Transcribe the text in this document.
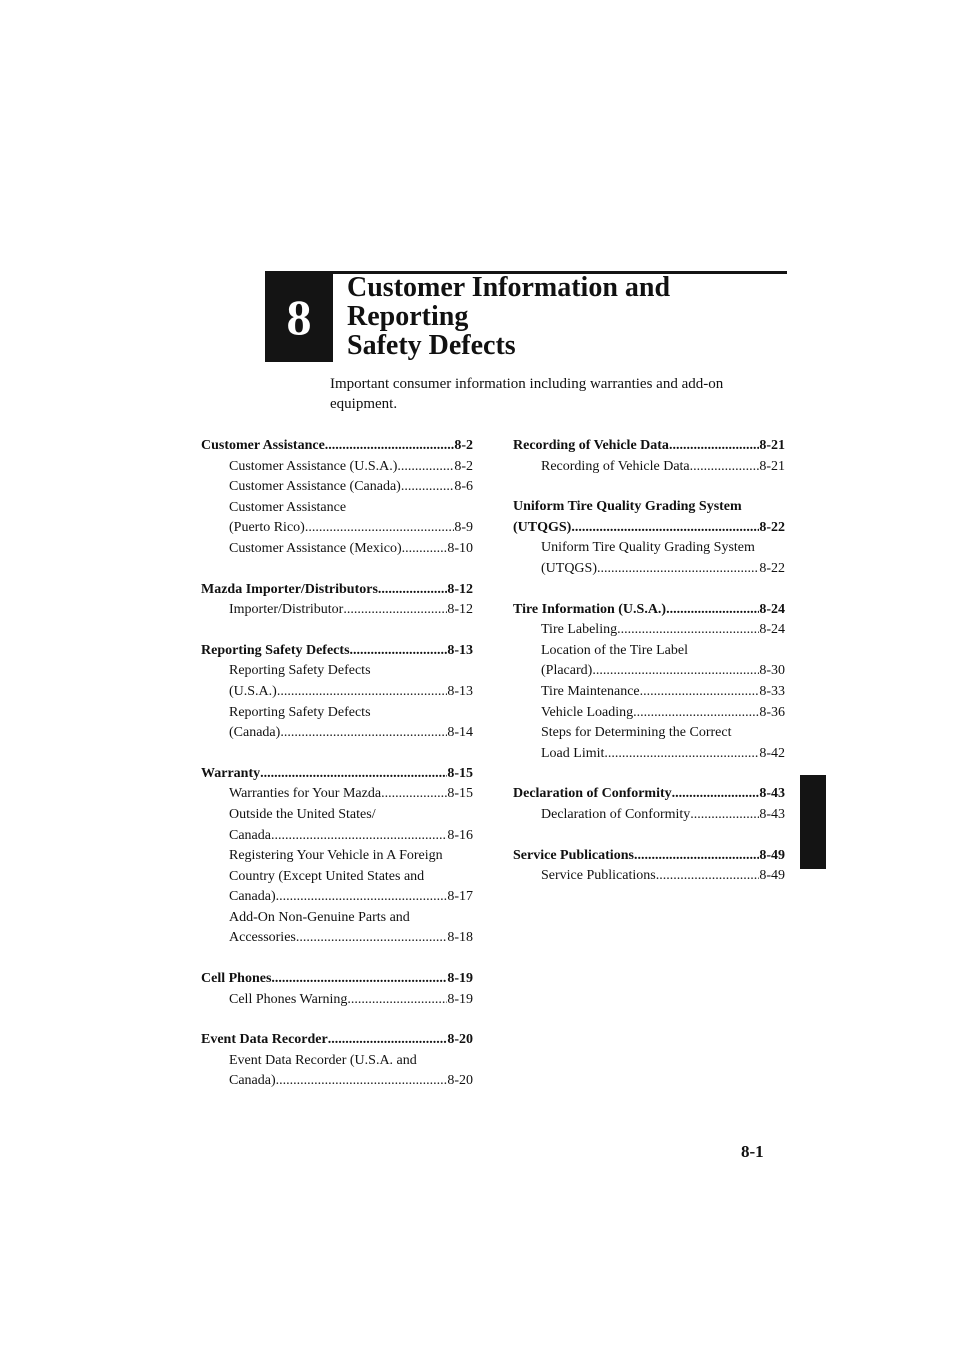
8
Customer Information and Reporting
Safety Defects
Important consumer information including warranties and add-on
equipment.
Customer Assistance .....	8-2
Customer Assistance (U.S.A.) .....	8-2
Customer Assistance (Canada) .....	8-6
Customer Assistance
(Puerto Rico) .....	8-9
Customer Assistance (Mexico) .....	8-10
Mazda Importer/Distributors .....	8-12
Importer/Distributor .....	8-12
Reporting Safety Defects .....	8-13
Reporting Safety Defects
(U.S.A.) .....	8-13
Reporting Safety Defects
(Canada) .....	8-14
Warranty .....	8-15
Warranties for Your Mazda .....	8-15
Outside the United States/
Canada .....	8-16
Registering Your Vehicle in A Foreign
Country (Except United States and
Canada) .....	8-17
Add-On Non-Genuine Parts and
Accessories .....	8-18
Cell Phones .....	8-19
Cell Phones Warning .....	8-19
Event Data Recorder .....	8-20
Event Data Recorder (U.S.A. and
Canada) .....	8-20
Recording of Vehicle Data .....	8-21
Recording of Vehicle Data .....	8-21
Uniform Tire Quality Grading System
(UTQGS) .....	8-22
Uniform Tire Quality Grading System
(UTQGS) .....	8-22
Tire Information (U.S.A.) .....	8-24
Tire Labeling .....	8-24
Location of the Tire Label
(Placard) .....	8-30
Tire Maintenance .....	8-33
Vehicle Loading .....	8-36
Steps for Determining the Correct
Load Limit .....	8-42
Declaration of Conformity .....	8-43
Declaration of Conformity .....	8-43
Service Publications .....	8-49
Service Publications .....	8-49
8-1
